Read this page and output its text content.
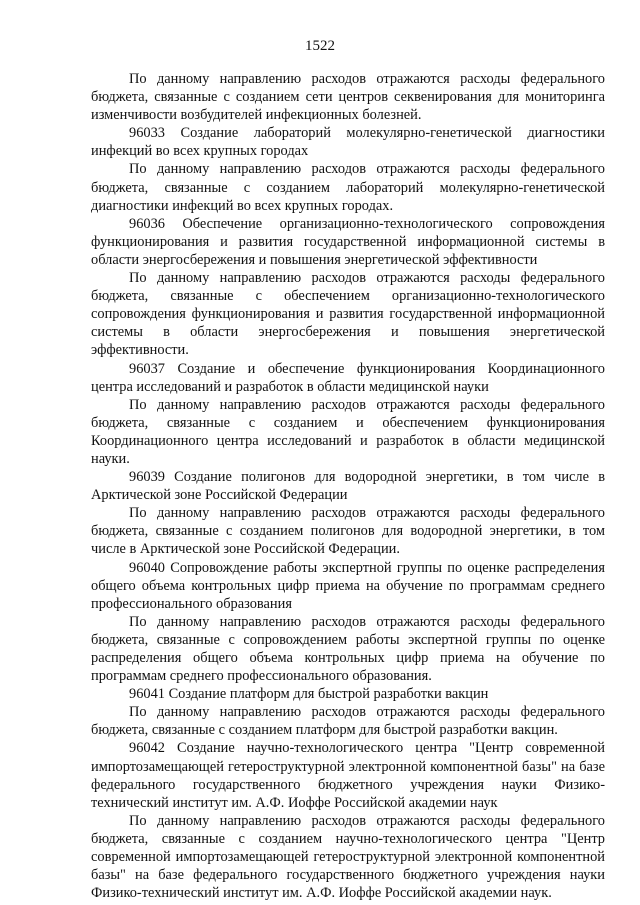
1522

По данному направлению расходов отражаются расходы федерального бюджета, связанные с созданием сети центров секвенирования для мониторинга изменчивости возбудителей инфекционных болезней.

96033 Создание лабораторий молекулярно-генетической диагностики инфекций во всех крупных городах

По данному направлению расходов отражаются расходы федерального бюджета, связанные с созданием лабораторий молекулярно-генетической диагностики инфекций во всех крупных городах.

96036 Обеспечение организационно-технологического сопровождения функционирования и развития государственной информационной системы в области энергосбережения и повышения энергетической эффективности

По данному направлению расходов отражаются расходы федерального бюджета, связанные с обеспечением организационно-технологического сопровождения функционирования и развития государственной информационной системы в области энергосбережения и повышения энергетической эффективности.

96037 Создание и обеспечение функционирования Координационного центра исследований и разработок в области медицинской науки

По данному направлению расходов отражаются расходы федерального бюджета, связанные с созданием и обеспечением функционирования Координационного центра исследований и разработок в области медицинской науки.

96039 Создание полигонов для водородной энергетики, в том числе в Арктической зоне Российской Федерации

По данному направлению расходов отражаются расходы федерального бюджета, связанные с созданием полигонов для водородной энергетики, в том числе в Арктической зоне Российской Федерации.

96040 Сопровождение работы экспертной группы по оценке распределения общего объема контрольных цифр приема на обучение по программам среднего профессионального образования

По данному направлению расходов отражаются расходы федерального бюджета, связанные с сопровождением работы экспертной группы по оценке распределения общего объема контрольных цифр приема на обучение по программам среднего профессионального образования.

96041 Создание платформ для быстрой разработки вакцин

По данному направлению расходов отражаются расходы федерального бюджета, связанные с созданием платформ для быстрой разработки вакцин.

96042 Создание научно-технологического центра "Центр современной импортозамещающей гетероструктурной электронной компонентной базы" на базе федерального государственного бюджетного учреждения науки Физико-технический институт им. А.Ф. Иоффе Российской академии наук

По данному направлению расходов отражаются расходы федерального бюджета, связанные с созданием научно-технологического центра "Центр современной импортозамещающей гетероструктурной электронной компонентной базы" на базе федерального государственного бюджетного учреждения науки Физико-технический институт им. А.Ф. Иоффе Российской академии наук.
